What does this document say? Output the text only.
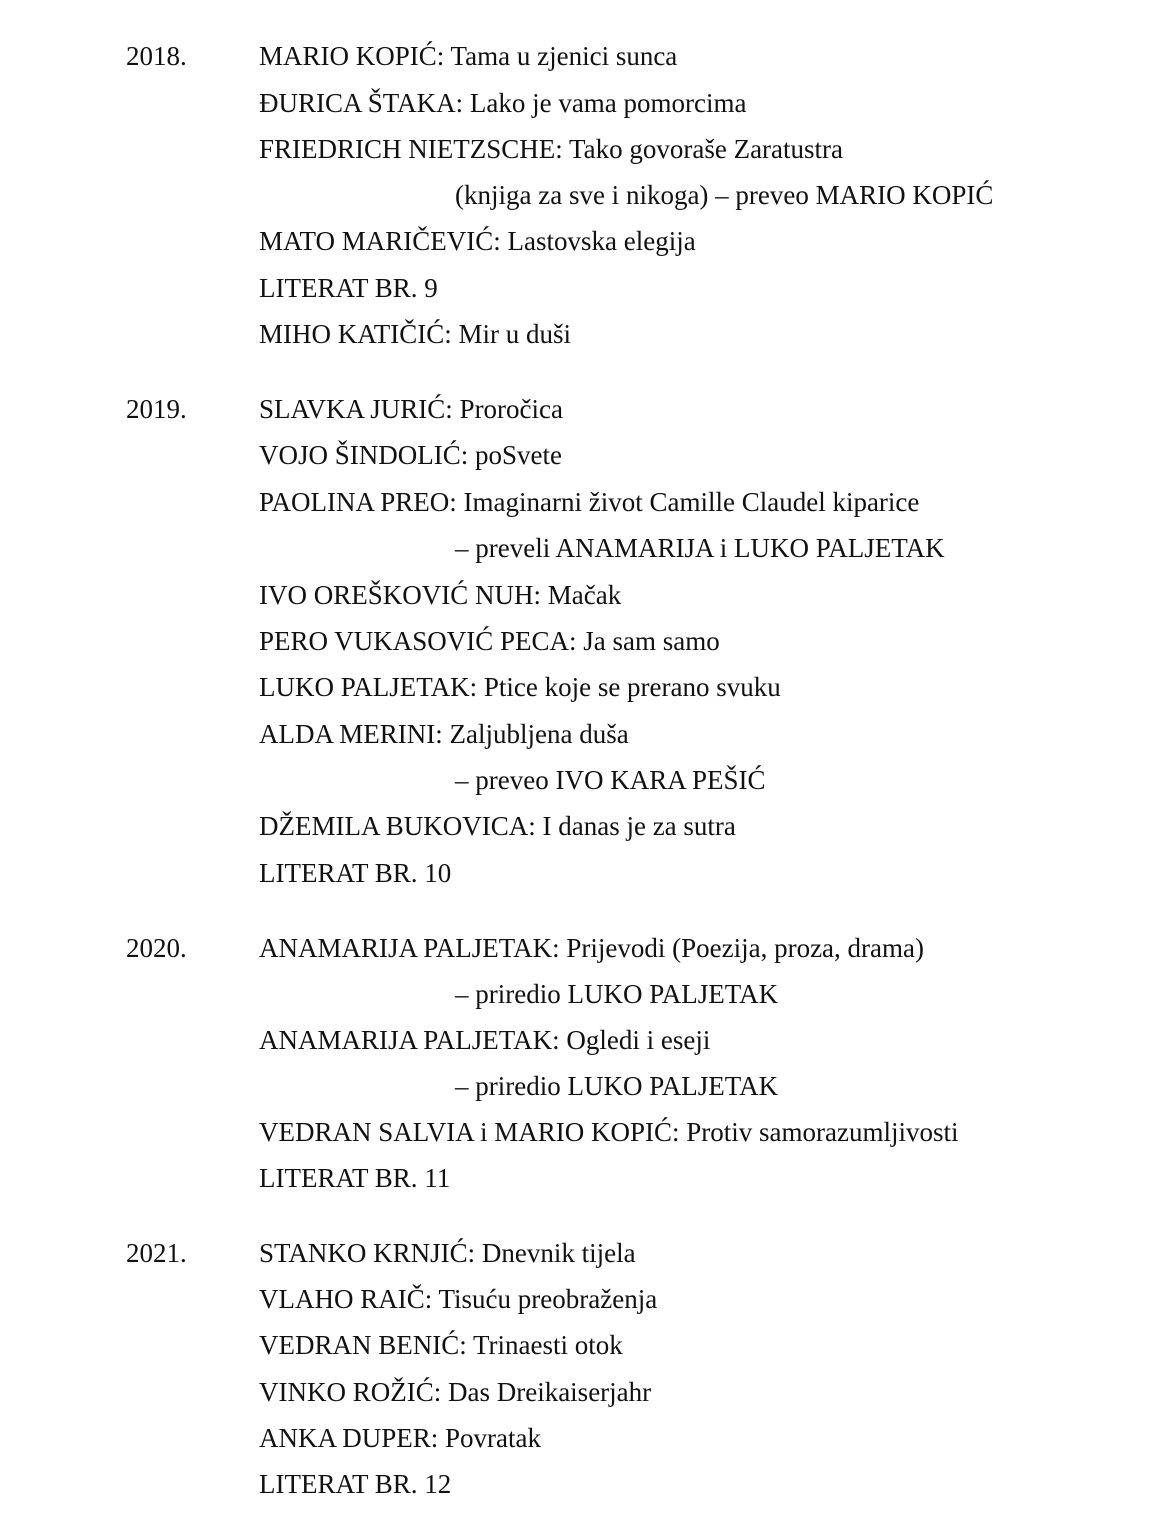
2018.	MARIO KOPIĆ: Tama u zjenici sunca
ĐURICA ŠTAKA: Lako je vama pomorcima
FRIEDRICH NIETZSCHE: Tako govoraše Zaratustra
(knjiga za sve i nikoga) – preveo MARIO KOPIĆ
MATO MARIČEVIĆ: Lastovska elegija
LITERAT BR. 9
MIHO KATIČIĆ: Mir u duši
2019.	SLAVKA JURIĆ: Proročica
VOJO ŠINDOLIĆ: poSvete
PAOLINA PREO: Imaginarni život Camille Claudel kiparice
– preveli ANAMARIJA i LUKO PALJETAK
IVO OREŠKOVIĆ NUH: Mačak
PERO VUKASOVIĆ PECA: Ja sam samo
LUKO PALJETAK: Ptice koje se prerano svuku
ALDA MERINI: Zaljubljena duša
– preveo IVO KARA PEŠIĆ
DŽEMILA BUKOVICA: I danas je za sutra
LITERAT BR. 10
2020.	ANAMARIJA PALJETAK: Prijevodi (Poezija, proza, drama)
– priredio LUKO PALJETAK
ANAMARIJA PALJETAK: Ogledi i eseji
– priredio LUKO PALJETAK
VEDRAN SALVIA i MARIO KOPIĆ: Protiv samorazumljivosti
LITERAT BR. 11
2021.	STANKO KRNJIĆ: Dnevnik tijela
VLAHO RAIČ: Tisuću preobraženja
VEDRAN BENIĆ: Trinaesti otok
VINKO ROŽIĆ: Das Dreikaiserjahr
ANKA DUPER: Povratak
LITERAT BR. 12
